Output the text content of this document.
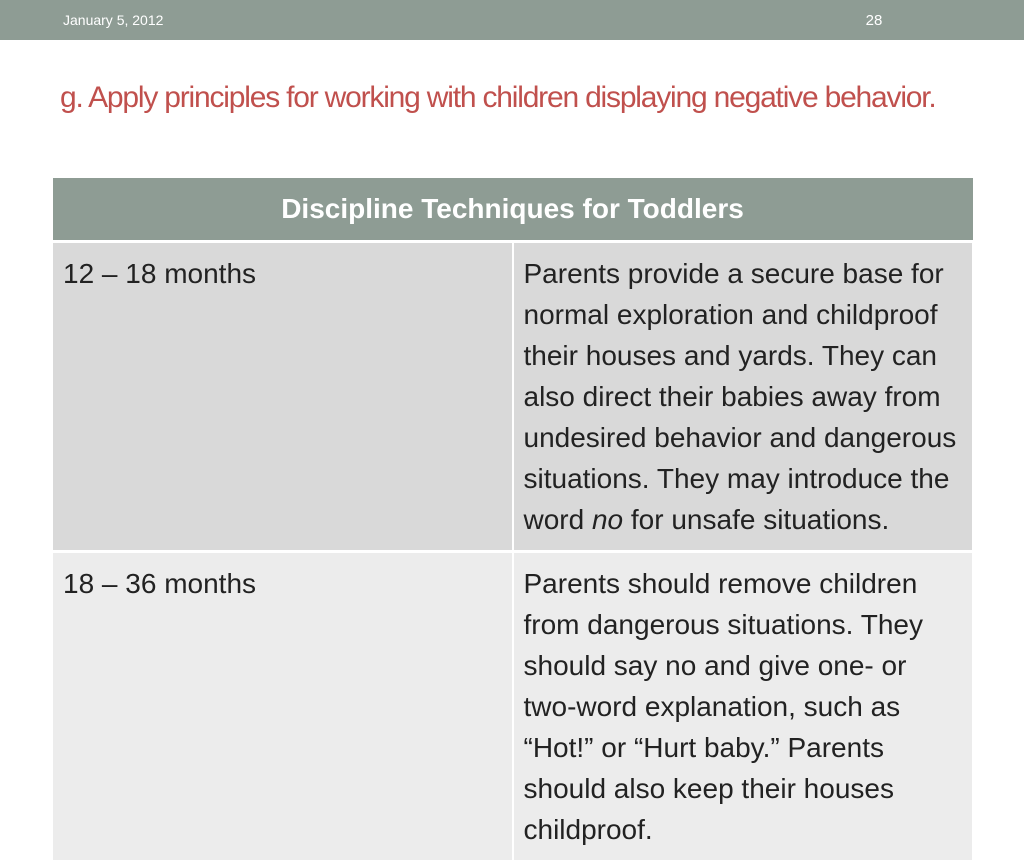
January 5, 2012	28
g. Apply principles for working with children displaying negative behavior.
Discipline Techniques for Toddlers	
12 – 18 months	Parents provide a secure base for normal exploration and childproof their houses and yards. They can also direct their babies away from undesired behavior and dangerous situations. They may introduce the word no for unsafe situations.
18 – 36 months	Parents should remove children from dangerous situations. They should say no and give one- or two-word explanation, such as “Hot!” or “Hurt baby.” Parents should also keep their houses childproof.
